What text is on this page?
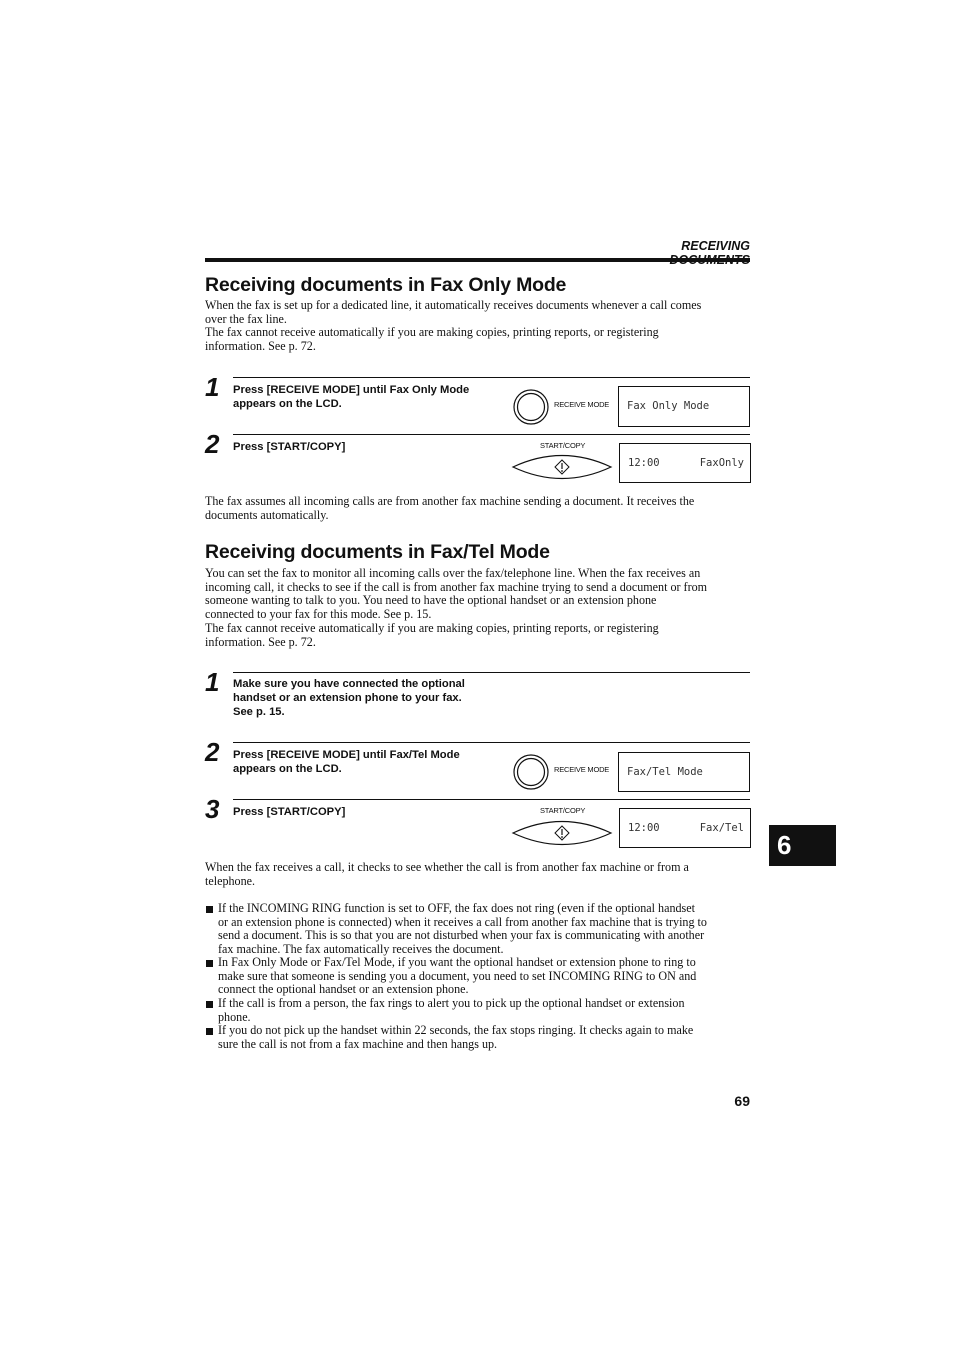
RECEIVING
Receiving documents in Fax Only Mode
When the fax is set up for a dedicated line, it automatically receives documents whenever a call comes
over the fax line.
The fax cannot receive automatically if you are making copies, printing reports, or registering
information. See p. 72.
1 Press [RECEIVE MODE] until Fax Only Mode
appears on the LCD.	RECEIVE MODE Fax Only Mode
2 Press [START/COPY]	START/COPY
12:00	FaxOnly
The fax assumes all incoming calls are from another fax machine sending a document. It receives the
documents automatically.
Receiving documents in Fax/Tel Mode
You can set the fax to monitor all incoming calls over the fax/telephone line. When the fax receives an
incoming call, it checks to see if the call is from another fax machine trying to send a document or from
someone wanting to talk to you. You need to have the optional handset or an extension phone
connected to your fax for this mode. See p. 15.
The fax cannot receive automatically if you are making copies, printing reports, or registering
information. See p. 72.
1 Make sure you have connected the optional
handset or an extension phone to your fax.
See p. 15.
2 Press [RECEIVE MODE] until Fax/Tel Mode
appears on the LCD.	RECEIVE MODE Fax/Tel Mode
3 Press [START/COPY]	START/COPY
12:00	Fax/Tel
When the fax receives a call, it checks to see whether the call is from another fax machine or from a
telephone.
If the INCOMING RING function is set to OFF, the fax does not ring (even if the optional handset
or an extension phone is connected) when it receives a call from another fax machine that is trying to
send a document. This is so that you are not disturbed when your fax is communicating with another
fax machine. The fax automatically receives the document.
In Fax Only Mode or Fax/Tel Mode, if you want the optional handset or extension phone to ring to
make sure that someone is sending you a document, you need to set INCOMING RING to ON and
connect the optional handset or an extension phone.
If the call is from a person, the fax rings to alert you to pick up the optional handset or extension
phone.
If you do not pick up the handset within 22 seconds, the fax stops ringing. It checks again to make
sure the call is not from a fax machine and then hangs up.
6
69
